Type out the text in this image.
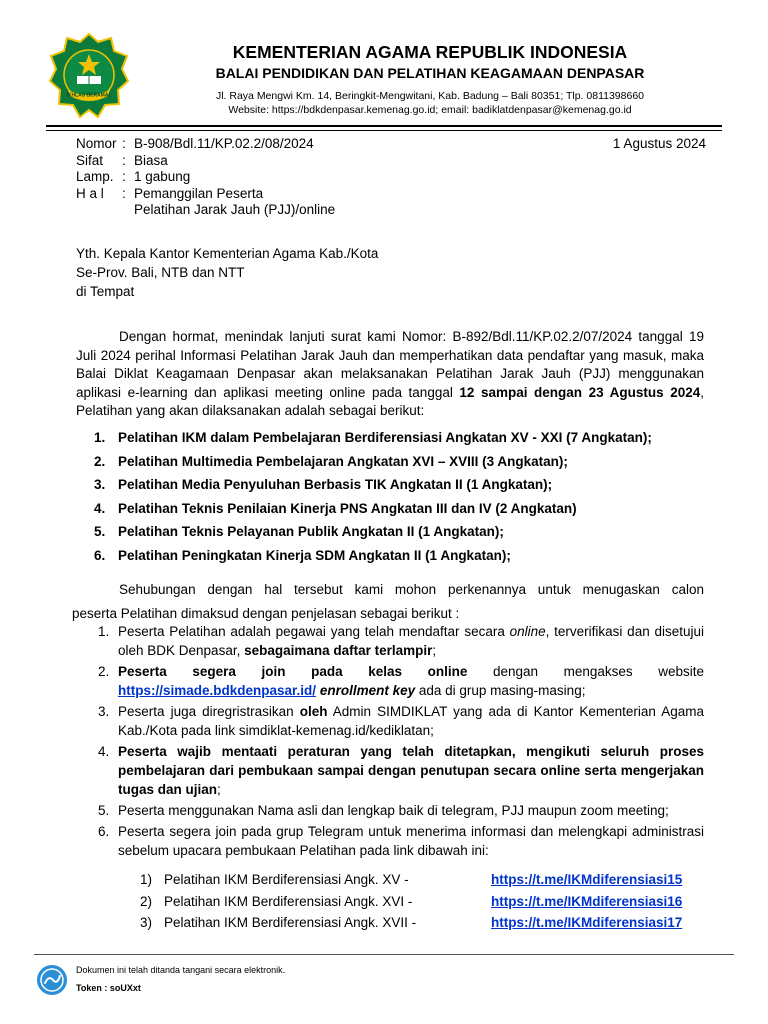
IKHLAS BERAMAL
KEMENTERIAN AGAMA REPUBLIK INDONESIA
BALAI PENDIDIKAN DAN PELATIHAN KEAGAMAAN DENPASAR
Jl. Raya Mengwi Km. 14, Beringkit-Mengwitani, Kab. Badung – Bali 80351; Tlp. 0811398660
Website: https://bdkdenpasar.kemenag.go.id; email: badiklatdenpasar@kemenag.go.id
Nomor	:	B-908/Bdl.11/KP.02.2/08/2024
Sifat	:	Biasa
Lamp.	:	1 gabung
H a l	:	Pemanggilan Peserta
Pelatihan Jarak Jauh (PJJ)/online
1 Agustus 2024
Yth. Kepala Kantor Kementerian Agama Kab./Kota
Se-Prov. Bali, NTB dan NTT
di Tempat
Dengan hormat, menindak lanjuti surat kami Nomor: B-892/Bdl.11/KP.02.2/07/2024 tanggal 19 Juli 2024 perihal Informasi Pelatihan Jarak Jauh dan memperhatikan data pendaftar yang masuk, maka Balai Diklat Keagamaan Denpasar akan melaksanakan Pelatihan Jarak Jauh (PJJ) menggunakan aplikasi e-learning dan aplikasi meeting online pada tanggal 12 sampai dengan 23 Agustus 2024, Pelatihan yang akan dilaksanakan adalah sebagai berikut:
1. Pelatihan IKM dalam Pembelajaran Berdiferensiasi Angkatan XV - XXI (7 Angkatan);
2. Pelatihan Multimedia Pembelajaran Angkatan XVI – XVIII (3 Angkatan);
3. Pelatihan Media Penyuluhan Berbasis TIK Angkatan II (1 Angkatan);
4. Pelatihan Teknis Penilaian Kinerja PNS Angkatan III dan IV (2 Angkatan)
5. Pelatihan Teknis Pelayanan Publik Angkatan II (1 Angkatan);
6. Pelatihan Peningkatan Kinerja SDM Angkatan II (1 Angkatan);
Sehubungan dengan hal tersebut kami mohon perkenannya untuk menugaskan calon
peserta Pelatihan dimaksud dengan penjelasan sebagai berikut :
1. Peserta Pelatihan adalah pegawai yang telah mendaftar secara online, terverifikasi dan disetujui oleh BDK Denpasar, sebagaimana daftar terlampir;
2. Peserta segera join pada kelas online dengan mengakses website https://simade.bdkdenpasar.id/ enrollment key ada di grup masing-masing;
3. Peserta juga diregristrasikan oleh Admin SIMDIKLAT yang ada di Kantor Kementerian Agama Kab./Kota pada link simdiklat-kemenag.id/kediklatan;
4. Peserta wajib mentaati peraturan yang telah ditetapkan, mengikuti seluruh proses pembelajaran dari pembukaan sampai dengan penutupan secara online serta mengerjakan tugas dan ujian;
5. Peserta menggunakan Nama asli dan lengkap baik di telegram, PJJ maupun zoom meeting;
6. Peserta segera join pada grup Telegram untuk menerima informasi dan melengkapi administrasi sebelum upacara pembukaan Pelatihan pada link dibawah ini:
1) Pelatihan IKM Berdiferensiasi Angk. XV -	https://t.me/IKMdiferensiasi15
2) Pelatihan IKM Berdiferensiasi Angk. XVI -	https://t.me/IKMdiferensiasi16
3) Pelatihan IKM Berdiferensiasi Angk. XVII -	https://t.me/IKMdiferensiasi17
Dokumen ini telah ditanda tangani secara elektronik.
Token : soUXxt
